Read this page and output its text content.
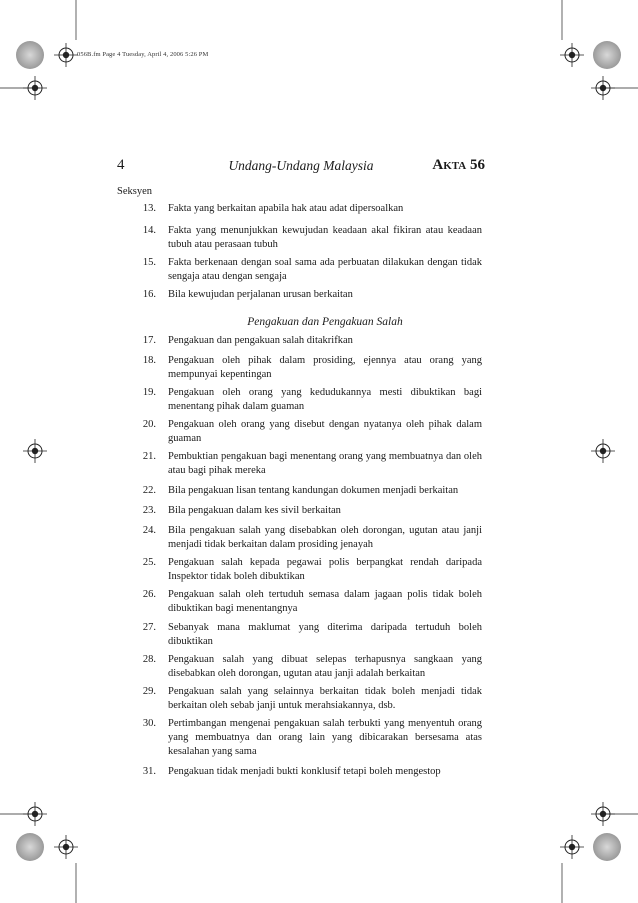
056B.fm Page 4 Tuesday, April 4, 2006 5:26 PM
4	Undang-Undang Malaysia	AKTA 56
Seksyen
13. Fakta yang berkaitan apabila hak atau adat dipersoalkan
14. Fakta yang menunjukkan kewujudan keadaan akal fikiran atau keadaan tubuh atau perasaan tubuh
15. Fakta berkenaan dengan soal sama ada perbuatan dilakukan dengan tidak sengaja atau dengan sengaja
16. Bila kewujudan perjalanan urusan berkaitan
Pengakuan dan Pengakuan Salah
17. Pengakuan dan pengakuan salah ditakrifkan
18. Pengakuan oleh pihak dalam prosiding, ejennya atau orang yang mempunyai kepentingan
19. Pengakuan oleh orang yang kedudukannya mesti dibuktikan bagi menentang pihak dalam guaman
20. Pengakuan oleh orang yang disebut dengan nyatanya oleh pihak dalam guaman
21. Pembuktian pengakuan bagi menentang orang yang membuatnya dan oleh atau bagi pihak mereka
22. Bila pengakuan lisan tentang kandungan dokumen menjadi berkaitan
23. Bila pengakuan dalam kes sivil berkaitan
24. Bila pengakuan salah yang disebabkan oleh dorongan, ugutan atau janji menjadi tidak berkaitan dalam prosiding jenayah
25. Pengakuan salah kepada pegawai polis berpangkat rendah daripada Inspektor tidak boleh dibuktikan
26. Pengakuan salah oleh tertuduh semasa dalam jagaan polis tidak boleh dibuktikan bagi menentangnya
27. Sebanyak mana maklumat yang diterima daripada tertuduh boleh dibuktikan
28. Pengakuan salah yang dibuat selepas terhapusnya sangkaan yang disebabkan oleh dorongan, ugutan atau janji adalah berkaitan
29. Pengakuan salah yang selainnya berkaitan tidak boleh menjadi tidak berkaitan oleh sebab janji untuk merahsiakannya, dsb.
30. Pertimbangan mengenai pengakuan salah terbukti yang menyentuh orang yang membuatnya dan orang lain yang dibicarakan bersesama atas kesalahan yang sama
31. Pengakuan tidak menjadi bukti konklusif tetapi boleh mengestop
